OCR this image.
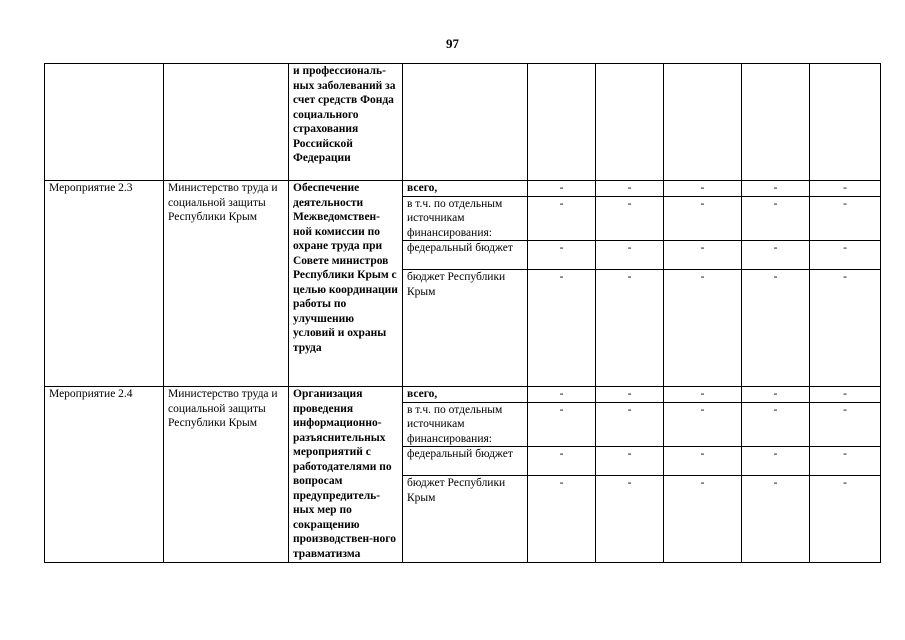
97
		и профессиональ-ных заболеваний за счет средств Фонда социального страхования Российской Федерации						
Мероприятие 2.3	Министерство труда и социальной защиты Республики Крым	Обеспечение деятельности Межведомствен-ной комиссии по охране труда при Совете министров Республики Крым с целью координации работы по улучшению условий и охраны труда	всего,	-	-	-	-	-
			в т.ч. по отдельным источникам финансирования:	-	-	-	-	-
			федеральный бюджет	-	-	-	-	-
			бюджет Республики Крым	-	-	-	-	-
Мероприятие 2.4	Министерство труда и социальной защиты Республики Крым	Организация проведения информационно-разъяснительных мероприятий с работодателями по вопросам предупредитель-ных мер по сокращению производствен-ного травматизма	всего,	-	-	-	-	-
			в т.ч. по отдельным источникам финансирования:	-	-	-	-	-
			федеральный бюджет	-	-	-	-	-
			бюджет Республики Крым	-	-	-	-	-
